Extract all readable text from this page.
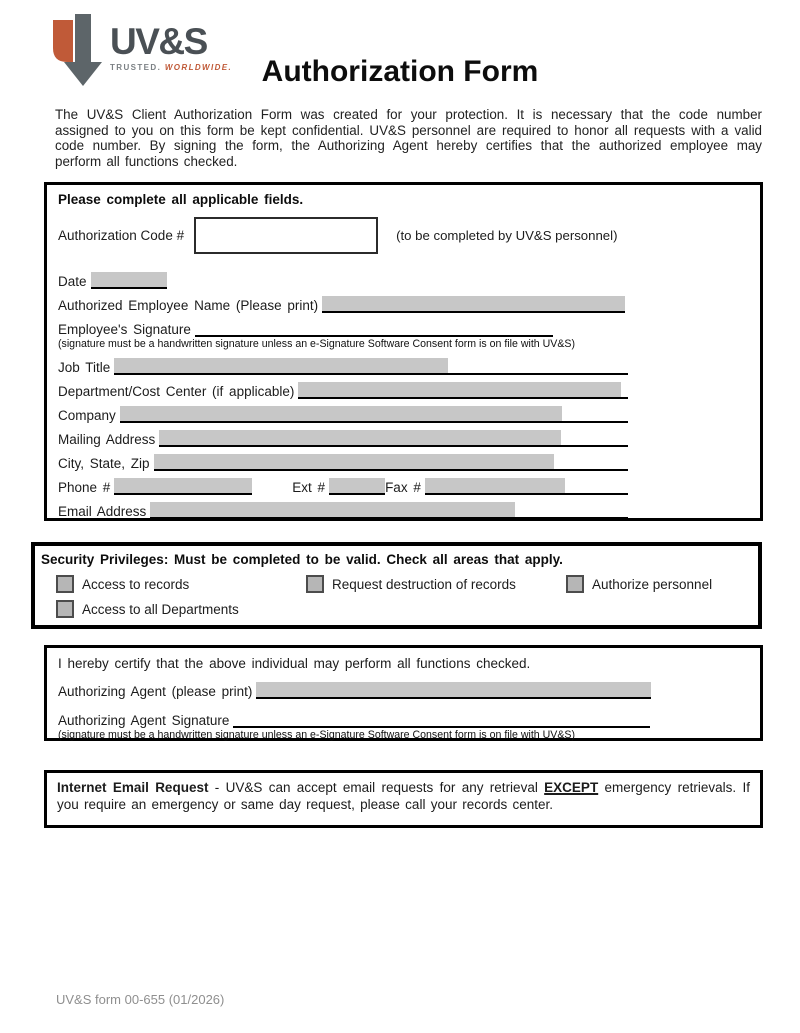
UV&S
TRUSTED. WORLDWIDE. Authorization Form
The UV&S Client Authorization Form was created for your protection. It is necessary that the code number assigned to you on this form be kept confidential. UV&S personnel are required to honor all requests with a valid code number. By signing the form, the Authorizing Agent hereby certifies that the authorized employee may perform all functions checked.
Please complete all applicable fields.
Authorization Code #	(to be completed by UV&S personnel)
Date
Authorized Employee Name (Please print)
Employee's Signature
(signature must be a handwritten signature unless an e-Signature Software Consent form is on file with UV&S)
Job Title
Department/Cost Center (if applicable)
Company
Mailing Address
City, State, Zip
Phone #	Ext #	Fax #
Email Address
Security Privileges: Must be completed to be valid. Check all areas that apply.
Access to records	Request destruction of records	Authorize personnel
Access to all Departments
I hereby certify that the above individual may perform all functions checked.
Authorizing Agent (please print)
Authorizing Agent Signature
(signature must be a handwritten signature unless an e-Signature Software Consent form is on file with UV&S)
Internet Email Request - UV&S can accept email requests for any retrieval EXCEPT emergency retrievals. If you require an emergency or same day request, please call your records center.
UV&S form 00-655 (01/2026)
